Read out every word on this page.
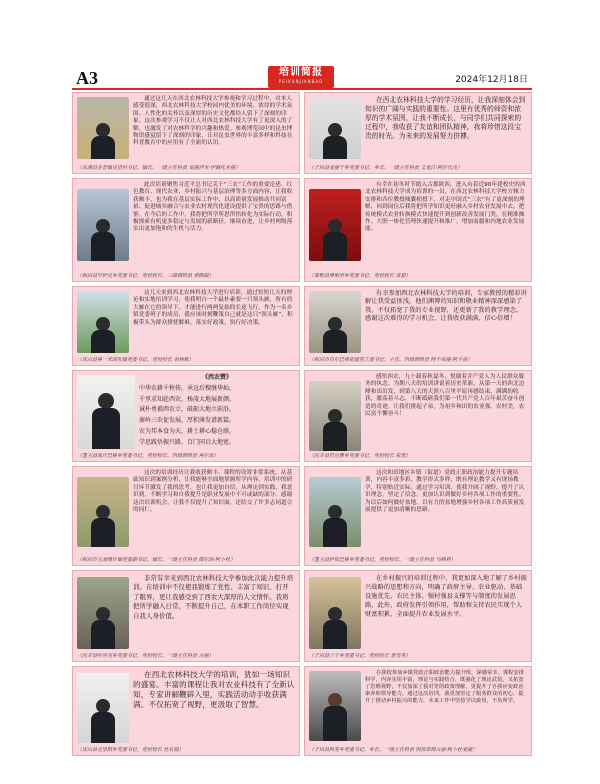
A3	培训简报
PEIXUNJIANBAO	2024年12月18日
通过这几天在西北农林科技大学参观和学习过程中，对本人感受很深，西北农林科技大学校园内优美的环境、浓厚的学术氛围、人性化的关怀以及深厚的历史文化都给人留下了深刻的印象。这次参观学习不仅让人对西北农林科技大学有了更深入的了解，也激发了对农林科学的兴趣和热爱。参观博览园中的昆虫博物馆感觉留下了深刻的印象，让对昆虫世界的丰富多样和科技在科普教育中的应用有了全新的认识。
（冻满县多普镇克里村书记、镇长、一级主任科员 麦提伊米·伊佩托木提）
在西北农林科技大学的学习经历，让我深刻体会到知识的广阔与实践的重要性。这里有优秀的师资和浓厚的学术氛围，让我不断成长，与同学们共同探索的过程中，我收获了友谊和团队精神。我将珍惜这段宝贵的时光。为未来的发展努力拼搏。
（于田县麦提干乡党委书记、乡长、一级主任科员 艾麦江·阿尔代克）
此次培训聚焦习近平总书记关于“三农”工作的重要论述、红色教育、现代农业、乡村振兴与基层治理等多方面内容，让我收获颇丰，也为我在基层实际工作中，以高质量发展推动共同富裕、促进城乡融合与农业农村现代化建设提供了宝贵的思路与借鉴。在今后的工作中，我将把所学所思所悟转化为实际行动，积极探索有机更多稳定与发展的新路径，继续奋进，让乡村两级落实出更加饱和的生机与活力。
（和田县罕萨克乡党委书记、党校校长、三级调研员 郭刚毅）
有幸在初冬时节踏入古都陕西，进入有着近90年建校史的西北农林科技大学成为培训的一员，在西北农林科技大学校方倾力安排和各位教授倾囊相授下，对走中国式“三农”有了更深刻的理解，回到岗位后我将把所学知识更好融入乡村农业发展中去。把传统模式农业转换模式快速提升到创新改善发展门类，在精准操作、大胆一体化管理快速提升和推广，增加南疆和内地农业发展能。
（策勒县博斯坦乡党委书记、党校校长 常甜）
这几天来到西北农林科技大学进行培训。通过短短几天的理论和实地培训学习，使我明白一个最朴素要一只领头雁，所有的大雁在它的领导下，才能进行两两复始的长途飞行，作为一名乡镇党委班子的成员，我应该时刻鞭策自己就是这只“领头雁”，积极带头为群众排忧解难，落实好政策，执行好决策。
（皮山县第一米园社镇党委书记、党校校长 谷林株）
有幸参加西北农林科技大学的培训，专家教授的精彩讲解让我受益匪浅，他们渊博的知识和敬业精神深深感染了我，不仅拓宽了我的专业视野，还更新了我的教学理念。感谢这次难得的学习机会，让我收获满满，信心倍增！
（和田市肖尔巴格街道党工委书记、主任、四级调研员 阿不来提·阿卡蒂）
《西农赞》
中华农耕千秋传，承远后稷继华灿。
千里求知赴西农，杨凌大地展新颜。
诚朴勇毅西农立，砥砺大地立前沿。
秦岭三农促发展，厚积薄发谱新篇。
农为邦本食为天，耕土耕心稳仓廪。
学思践悟振兴路，百门同启大地宽。
（墨玉县加汗巴格乡党委书记、党校校长、四级调研员 再尔依）
感悟西农，九十载春秋夏冬，悦谢着并产党人为人民群众服务的执念。为期八天的培训讲说着历史革新，从第一天的西北边陲和田出发，到第八天的天涯八百里平原再感结束，满满的收获，激荡着斗志，不断砥砺我们第一代共产党人百年艰苦奋斗创造的奇迹。让我们挑起子弟，为祖乡和田的农业强，农村美，农民富不懈奋斗！
（民丰县若克雅乡党委书记、党校校长 朱蓉）
这次的培训经历让我收获颇丰。课程的设置非常系统，从基础知识到案例分析，让我能够全面地掌握所学内容。培训中的研讨环节激发了我的思考，也让我更加自信。从理论到实践，我意识到，不断学习和自我提升是职业发展中不可或缺的部分。感谢这次培训机会，让我不仅提升了知识面，还结交了许多志同道合的同仁。
（和田市玉龙喀什镇党委副书记、镇长、一级主任科员 图尔洪·阿卜杜）
这次和田地区乡镇（街道）党政正职政治能力提升专题培训，内容丰富多彩，教学形式多样，既有理论教学又有现场教学，特别贴近实际。通过学习培训，使我开阔了视野，提升了认识理念，坚定了信念，更加认识到做好乡村各项工作的重要性。为以后如何做好盆地，以有力的盆地增强乡村各项工作高质量发展提供了更加清晰的思路。
（墨玉县萨依巴格乡党委书记、党校校长、一级主任科员 马峰昇）
非常有幸来到西北农林科技大学参加此次能力提升培训。在培训中不仅使我锻炼了党性、丰富了知识、打开了眼界，更让我感受到了西农大深厚的人文情怀。我将把所学融入日常，不断提升自己，在本职工作岗位实现自我人身价值。
（民丰县叶亦克乡党委书记、党校校长、一级主任科员 古丽）
在乡村振兴的培训过程中，我更加深入地了解了乡村振兴战略的思想和方向，明确了政府主导、农业驱动、基础设施优先、农民主体、强村强县支撑等与制度的发展思路，此外，政府发挥引领作用，帮助和支持农民实现个人财富积累，全面提升农业发展水平。
（于田县兰干乡党委书记、党校校长 郭雪英）
在西北农林科技大学的培训，犹如一场知识的盛宴。丰富的课程让我对农业科技有了全新认知，专家讲解鞭辟入里，实践活动动手收获满满。不仅拓宽了视野，更汲取了智慧。
（皮山县克里阳乡党委书记、党校校长 杜有福）
在我校参加乡镇党政正职政治能力提升班，深感荣幸。课程安排科学，内容实用丰富，理论与实践结合，既强化了理论武装，又拓宽了思维视野，不仅加深了我对党的政策理解，更提升了自我应变政治素养和领导能力。通过这次培训，我更加坚定了服务群众的初心，提升了推动乡村振兴的能力，未来工作中坚持学以致用，不负所学。
（于田县阿羌乡党委书记、乡长、一级主任科员 阿依库姆古丽·阿卜杜麦提）
